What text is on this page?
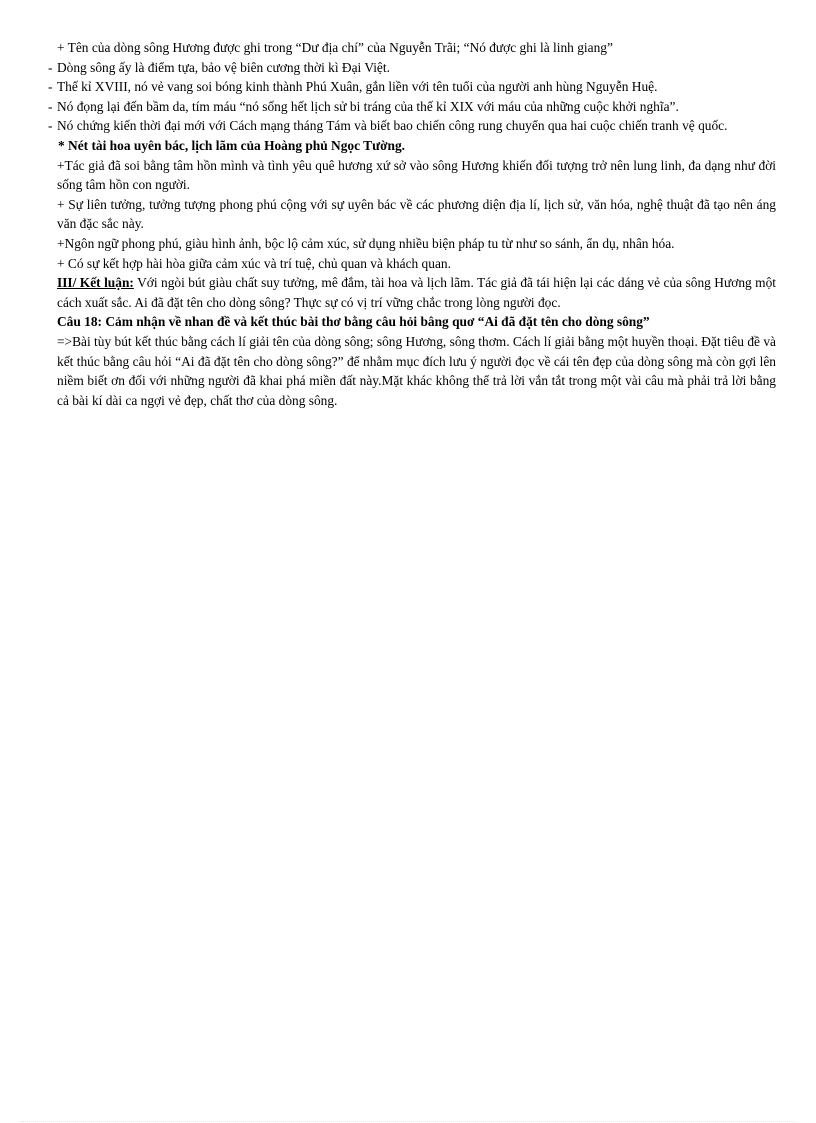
+ Tên của dòng sông Hương được ghi trong “Dư địa chí” của Nguyễn Trãi; “Nó được ghi là linh giang”

- Dòng sông ấy là điểm tựa, bảo vệ biên cương thời kì Đại Việt.
- Thế kỉ XVIII, nó vẻ vang soi bóng kinh thành Phú Xuân, gắn liền với tên tuổi của người anh hùng Nguyễn Huệ.
- Nó đọng lại đến bầm da, tím máu “nó sống hết lịch sử bi tráng của thế kỉ XIX với máu của những cuộc khởi nghĩa”.
- Nó chứng kiến thời đại mới với Cách mạng tháng Tám và biết bao chiến công rung chuyển qua hai cuộc chiến tranh vệ quốc.

* Nét tài hoa uyên bác, lịch lãm của Hoàng phủ Ngọc Tường.

+Tác giả đã soi bằng tâm hồn mình và tình yêu quê hương xứ sở vào sông Hương khiến đối tượng trở nên lung linh, đa dạng như đời sống tâm hồn con người.

+ Sự liên tưởng, tưởng tượng phong phú cộng với sự uyên bác về các phương diện địa lí, lịch sử, văn hóa, nghệ thuật đã tạo nên áng văn đặc sắc này.

+Ngôn ngữ phong phú, giàu hình ảnh, bộc lộ cảm xúc, sử dụng nhiều biện pháp tu từ như so sánh, ẩn dụ, nhân hóa.

+ Có sự kết hợp hài hòa giữa cảm xúc và trí tuệ, chủ quan và khách quan.

III/ Kết luận: Với ngòi bút giàu chất suy tưởng, mê đắm, tài hoa và lịch lãm. Tác giả đã tái hiện lại các dáng vẻ của sông Hương một cách xuất sắc. Ai đã đặt tên cho dòng sông? Thực sự có vị trí vững chắc trong lòng người đọc.

Câu 18: Cảm nhận về nhan đề và kết thúc bài thơ bằng câu hỏi bâng quơ “Ai đã đặt tên cho dòng sông”

=>Bài tùy bút kết thúc bằng cách lí giải tên của dòng sông; sông Hương, sông thơm. Cách lí giải bằng một huyền thoại. Đặt tiêu đề và kết thúc bằng câu hỏi “Ai đã đặt tên cho dòng sông?” để nhằm mục đích lưu ý người đọc về cái tên đẹp của dòng sông mà còn gợi lên niềm biết ơn đối với những người đã khai phá miền đất này.Mặt khác không thể trả lời vắn tắt trong một vài câu mà phải trả lời bằng cả bài kí dài ca ngợi vẻ đẹp, chất thơ của dòng sông.
